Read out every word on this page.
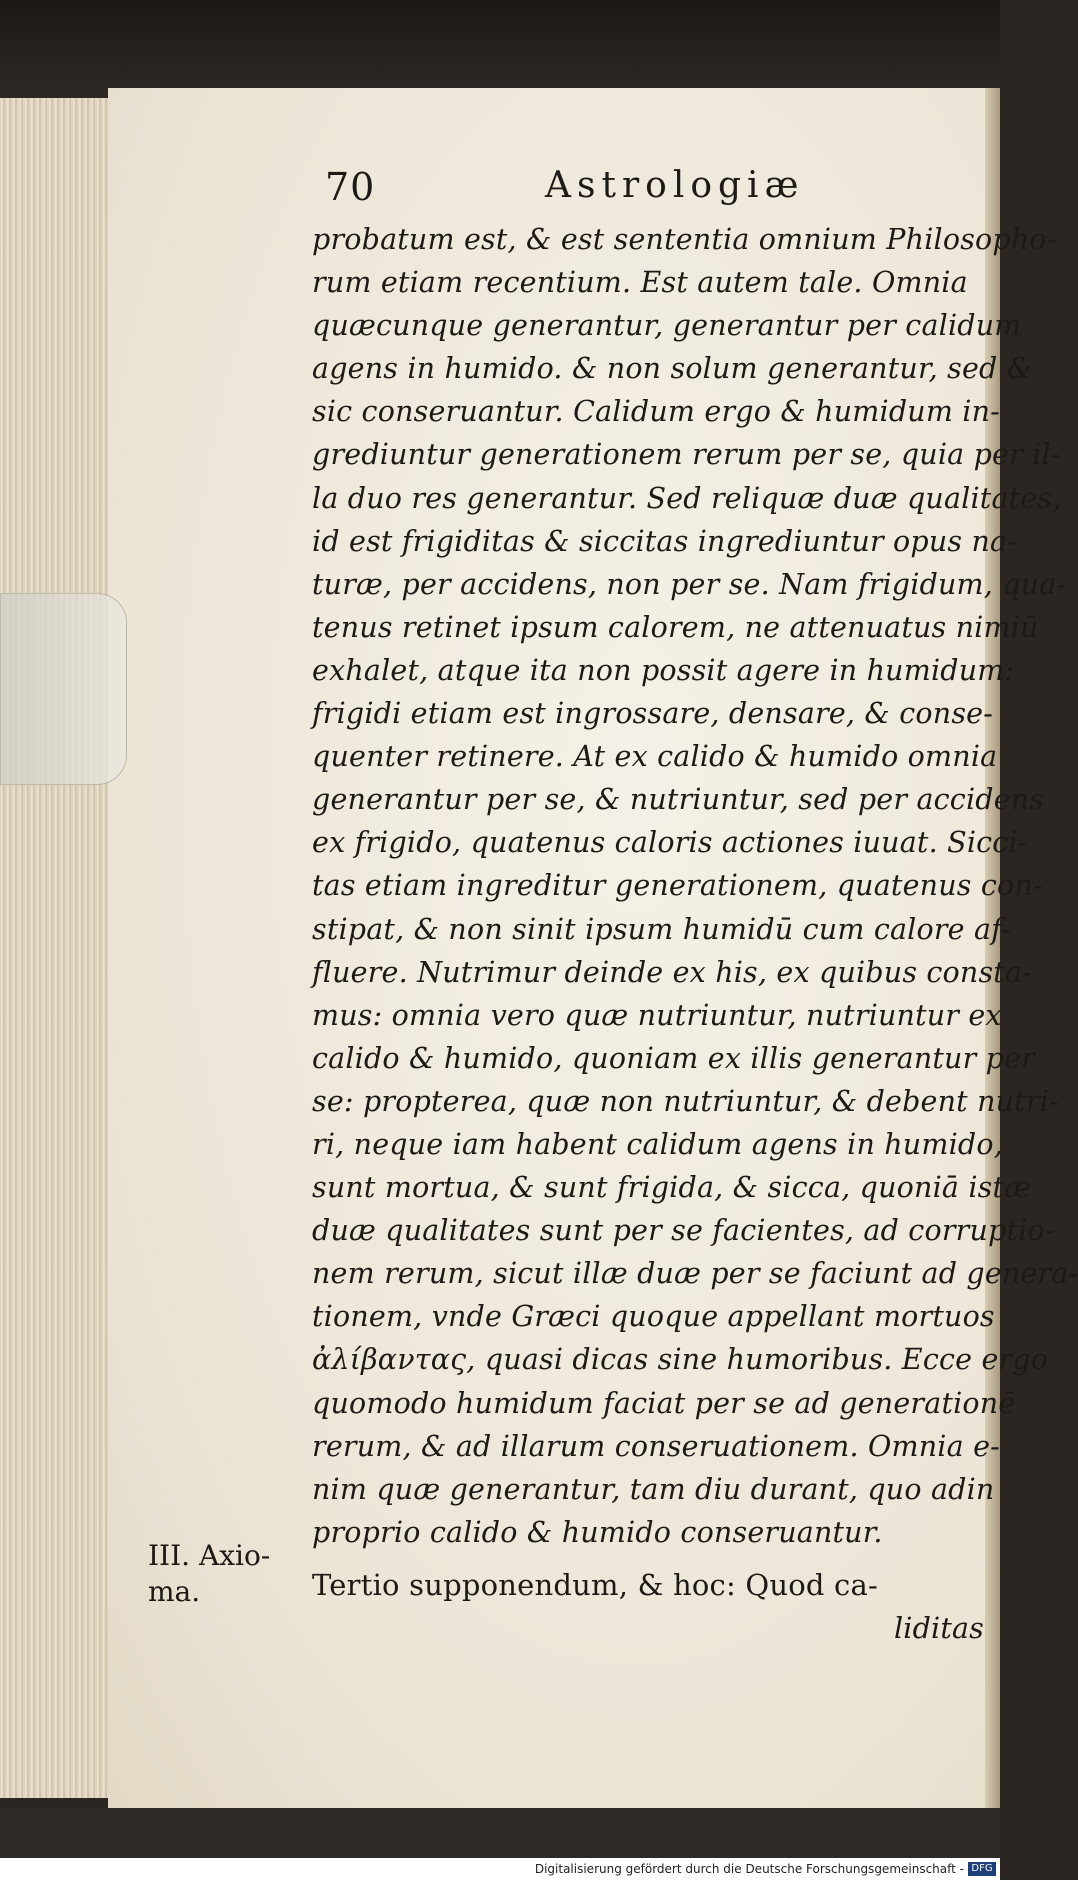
70	Astrologiæ
probatum est, & est sententia omnium Philosopho-
rum etiam recentium. Est autem tale. Omnia
quæcunque generantur, generantur per calidum
agens in humido. & non solum generantur, sed &
sic conseruantur. Calidum ergo & humidum in-
grediuntur generationem rerum per se, quia per il-
la duo res generantur. Sed reliquæ duæ qualitates,
id est frigiditas & siccitas ingrediuntur opus na-
turæ, per accidens, non per se. Nam frigidum, qua-
tenus retinet ipsum calorem, ne attenuatus nimiū
exhalet, atque ita non possit agere in humidum:
frigidi etiam est ingrossare, densare, & conse-
quenter retinere. At ex calido & humido omnia
generantur per se, & nutriuntur, sed per accidens
ex frigido, quatenus caloris actiones iuuat. Sicci-
tas etiam ingreditur generationem, quatenus con-
stipat, & non sinit ipsum humidū cum calore af-
fluere. Nutrimur deinde ex his, ex quibus consta-
mus: omnia vero quæ nutriuntur, nutriuntur ex
calido & humido, quoniam ex illis generantur per
se: propterea, quæ non nutriuntur, & debent nutri-
ri, neque iam habent calidum agens in humido,
sunt mortua, & sunt frigida, & sicca, quoniā istæ
duæ qualitates sunt per se facientes, ad corruptio-
nem rerum, sicut illæ duæ per se faciunt ad genera-
tionem, vnde Græci quoque appellant mortuos
ἀλίβαντας, quasi dicas sine humoribus. Ecce ergo
quomodo humidum faciat per se ad generationē
rerum, & ad illarum conseruationem. Omnia e-
nim quæ generantur, tam diu durant, quo adin
proprio calido & humido conseruantur.
Tertio supponendum, & hoc: Quod ca-
liditas
III. Axio-
ma.
Digitalisierung gefördert durch die Deutsche Forschungsgemeinschaft - DFG
